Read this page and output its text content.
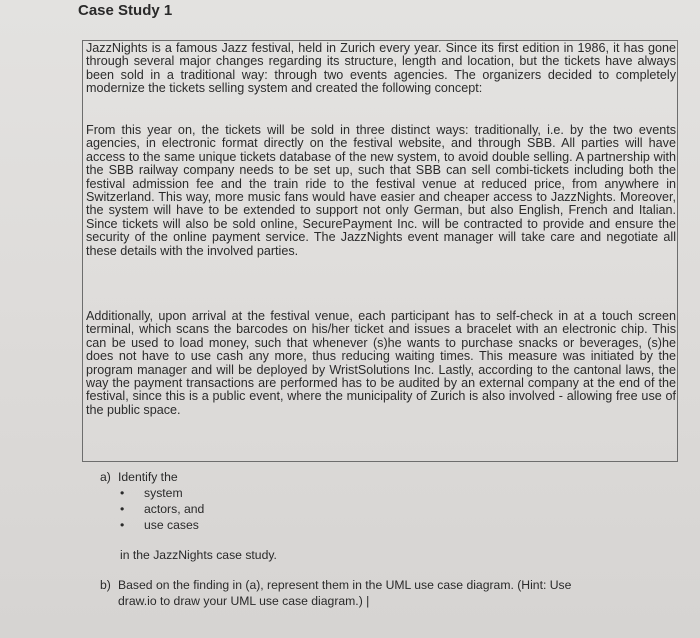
Case Study 1

JazzNights is a famous Jazz festival, held in Zurich every year. Since its first edition in 1986, it has gone through several major changes regarding its structure, length and location, but the tickets have always been sold in a traditional way: through two events agencies. The organizers decided to completely modernize the tickets selling system and created the following concept:

From this year on, the tickets will be sold in three distinct ways: traditionally, i.e. by the two events agencies, in electronic format directly on the festival website, and through SBB. All parties will have access to the same unique tickets database of the new system, to avoid double selling. A partnership with the SBB railway company needs to be set up, such that SBB can sell combi-tickets including both the festival admission fee and the train ride to the festival venue at reduced price, from anywhere in Switzerland. This way, more music fans would have easier and cheaper access to JazzNights. Moreover, the system will have to be extended to support not only German, but also English, French and Italian. Since tickets will also be sold online, SecurePayment Inc. will be contracted to provide and ensure the security of the online payment service. The JazzNights event manager will take care and negotiate all these details with the involved parties.

Additionally, upon arrival at the festival venue, each participant has to self-check in at a touch screen terminal, which scans the barcodes on his/her ticket and issues a bracelet with an electronic chip. This can be used to load money, such that whenever (s)he wants to purchase snacks or beverages, (s)he does not have to use cash any more, thus reducing waiting times. This measure was initiated by the program manager and will be deployed by WristSolutions Inc. Lastly, according to the cantonal laws, the way the payment transactions are performed has to be audited by an external company at the end of the festival, since this is a public event, where the municipality of Zurich is also involved - allowing free use of the public space.

a) Identify the
• system
• actors, and
• use cases
in the JazzNights case study.
b) Based on the finding in (a), represent them in the UML use case diagram. (Hint: Use
draw.io to draw your UML use case diagram.) |
